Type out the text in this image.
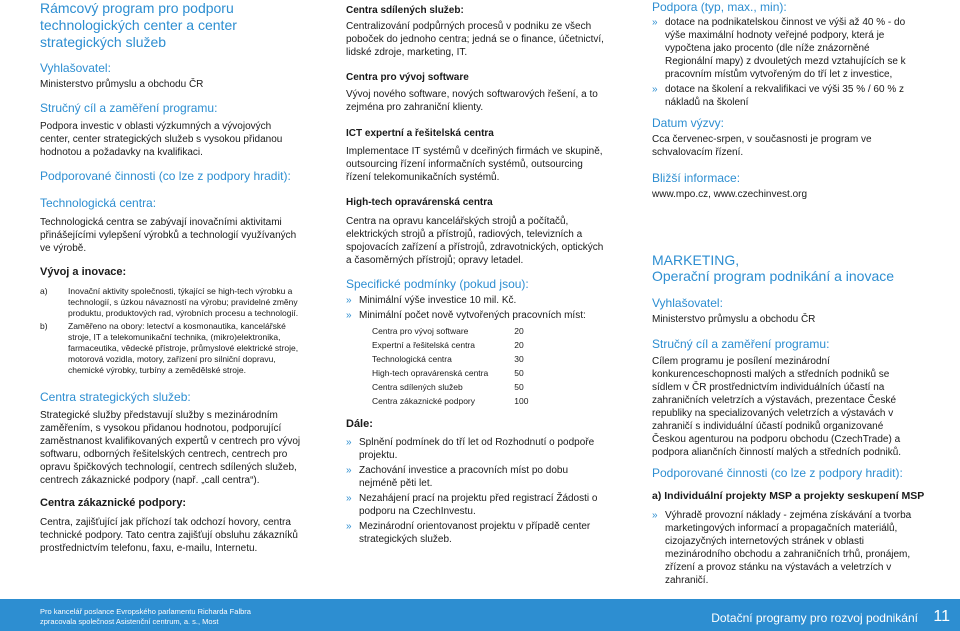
Rámcový program pro podporu technologických center a center strategických služeb

Vyhlašovatel:

Ministerstvo průmyslu a obchodu ČR

Stručný cíl a zaměření programu:

Podpora investic v oblasti výzkumných a vývojových center, center strategických služeb s vysokou přidanou hodnotou a požadavky na kvalifikaci.

Podporované činnosti (co lze z podpory hradit):

Technologická centra:

Technologická centra se zabývají inovačními aktivitami přinášejícími vylepšení výrobků a technologií využívaných ve výrobě.

Vývoj a inovace:

a)	Inovační aktivity společnosti, týkající se high-tech výrobku a technologií, s úzkou návazností na výrobu; pravidelné změny produktu, produktových rad, výrobních procesu a technologií.
b)	Zaměřeno na obory: letectví a kosmonautika, kancelářské stroje, IT a telekomunikační technika, (mikro)elektronika, farmaceutika, vědecké přístroje, průmyslové elektrické stroje, motorová vozidla, motory, zařízení pro silniční dopravu, chemické výrobky, turbíny a zemědělské stroje.

Centra strategických služeb:

Strategické služby představují služby s mezinárodním zaměřením, s vysokou přidanou hodnotou, podporující zaměstnanost kvalifikovaných expertů v centrech pro vývoj softwaru, odborných řešitelských centrech, centrech pro opravu špičkových technologií, centrech sdílených služeb, centrech zákaznické podpory (např. „call centra“).

Centra zákaznické podpory:

Centra, zajišťující jak příchozí tak odchozí hovory, centra technické podpory. Tato centra zajišťují obsluhu zákazníků prostřednictvím telefonu, faxu, e-mailu, Internetu.

Centra sdílených služeb:

Centralizování podpůrných procesů v podniku ze všech poboček do jednoho centra; jedná se o finance, účetnictví, lidské zdroje, marketing, IT.

Centra pro vývoj software

Vývoj nového software, nových softwarových řešení, a to zejména pro zahraniční klienty.

ICT expertní a řešitelská centra

Implementace IT systémů v dceřiných firmách ve skupině, outsourcing řízení informačních systémů, outsourcing řízení telekomunikačních systémů.

High-tech opravárenská centra

Centra na opravu kancelářských strojů a počítačů, elektrických strojů a přístrojů, radiových, televizních a spojovacích zařízení a přístrojů, zdravotnických, optických a časoměrných přístrojů; opravy letadel.

Specifické podmínky (pokud jsou):

» Minimální výše investice 10 mil. Kč.
» Minimální počet nově vytvořených pracovních míst:
Centra pro vývoj software	20
Expertní a řešitelská centra	20
Technologická centra	30
High-tech opravárenská centra	50
Centra sdílených služeb	50
Centra zákaznické podpory	100

Dále:

» Splnění podmínek do tří let od Rozhodnutí o podpoře projektu.
» Zachování investice a pracovních míst po dobu nejméně pěti let.
» Nezahájení prací na projektu před registrací Žádosti o podporu na CzechInvestu.
» Mezinárodní orientovanost projektu v případě center strategických služeb.

Podpora (typ, max., min):

» dotace na podnikatelskou činnost ve výši až 40 % - do výše maximální hodnoty veřejné podpory, která je vypočtena jako procento (dle níže znázorněné Regionální mapy) z dvouletých mezd vztahujících se k pracovním místům vytvořeným do tří let z investice,
» dotace na školení a rekvalifikaci ve výši 35 % / 60 % z nákladů na školení

Datum výzvy:

Cca červenec-srpen, v současnosti je program ve schvalovacím řízení.

Bližší informace:

www.mpo.cz, www.czechinvest.org

MARKETING,

Operační program podnikání a inovace

Vyhlašovatel:

Ministerstvo průmyslu a obchodu ČR

Stručný cíl a zaměření programu:

Cílem programu je posílení mezinárodní konkurenceschopnosti malých a středních podniků se sídlem v ČR prostřednictvím individuálních účastí na zahraničních veletrzích a výstavách, prezentace České republiky na specializovaných veletrzích a výstavách v zahraničí s individuální účastí podniků organizované Českou agenturou na podporu obchodu (CzechTrade) a podpora aliančních činností malých a středních podniků.

Podporované činnosti (co lze z podpory hradit):

a) Individuální projekty MSP a projekty seskupení MSP

» Výhradě provozní náklady - zejména získávání a tvorba marketingových informací a propagačních materiálů, cizojazyčných internetových stránek v oblasti mezinárodního obchodu a zahraničních trhů, pronájem, zřízení a provoz stánku na výstavách a veletrzích v zahraničí.
Pro kancelář poslance Evropského parlamentu Richarda Falbra
zpracovala společnost Asistenční centrum, a. s., Most	Dotační programy pro rozvoj podnikání 11
